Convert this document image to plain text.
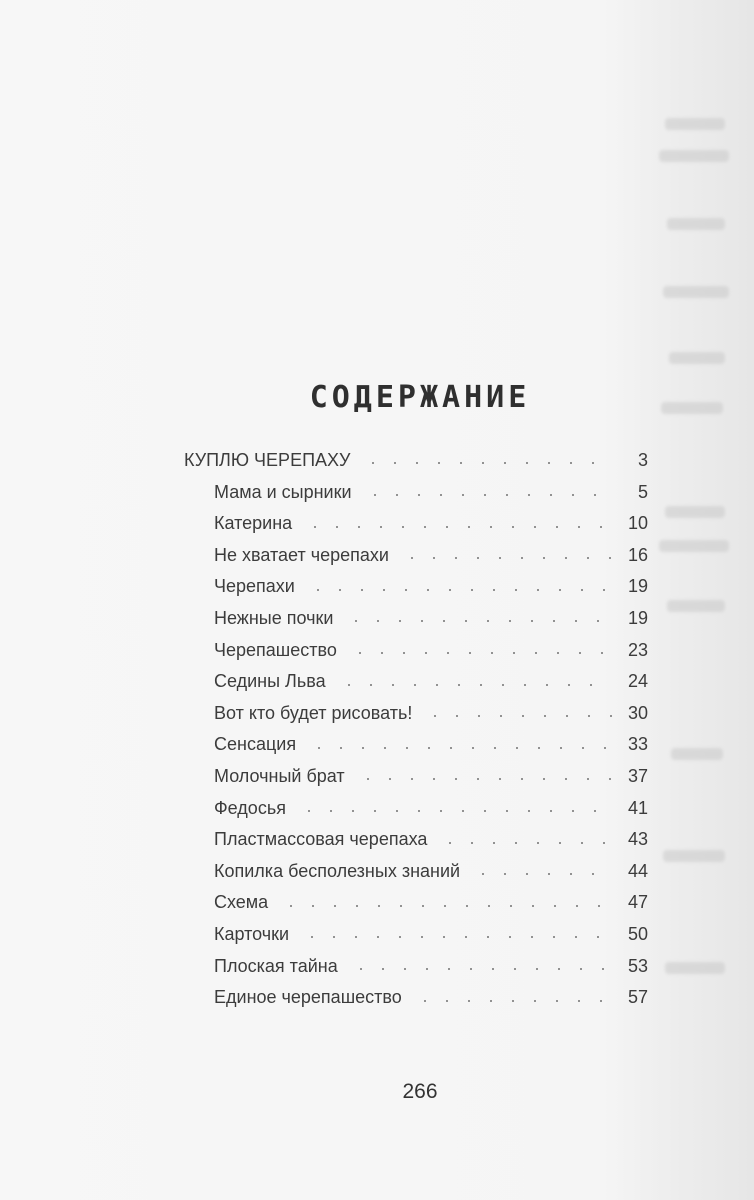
СОДЕРЖАНИЕ
КУПЛЮ ЧЕРЕПАХУ	3
Мама и сырники	5
Катерина	10
Не хватает черепахи	16
Черепахи	19
Нежные почки	19
Черепашество	23
Седины Льва	24
Вот кто будет рисовать!	30
Сенсация	33
Молочный брат	37
Федосья	41
Пластмассовая черепаха	43
Копилка бесполезных знаний	44
Схема	47
Карточки	50
Плоская тайна	53
Единое черепашество	57
266
